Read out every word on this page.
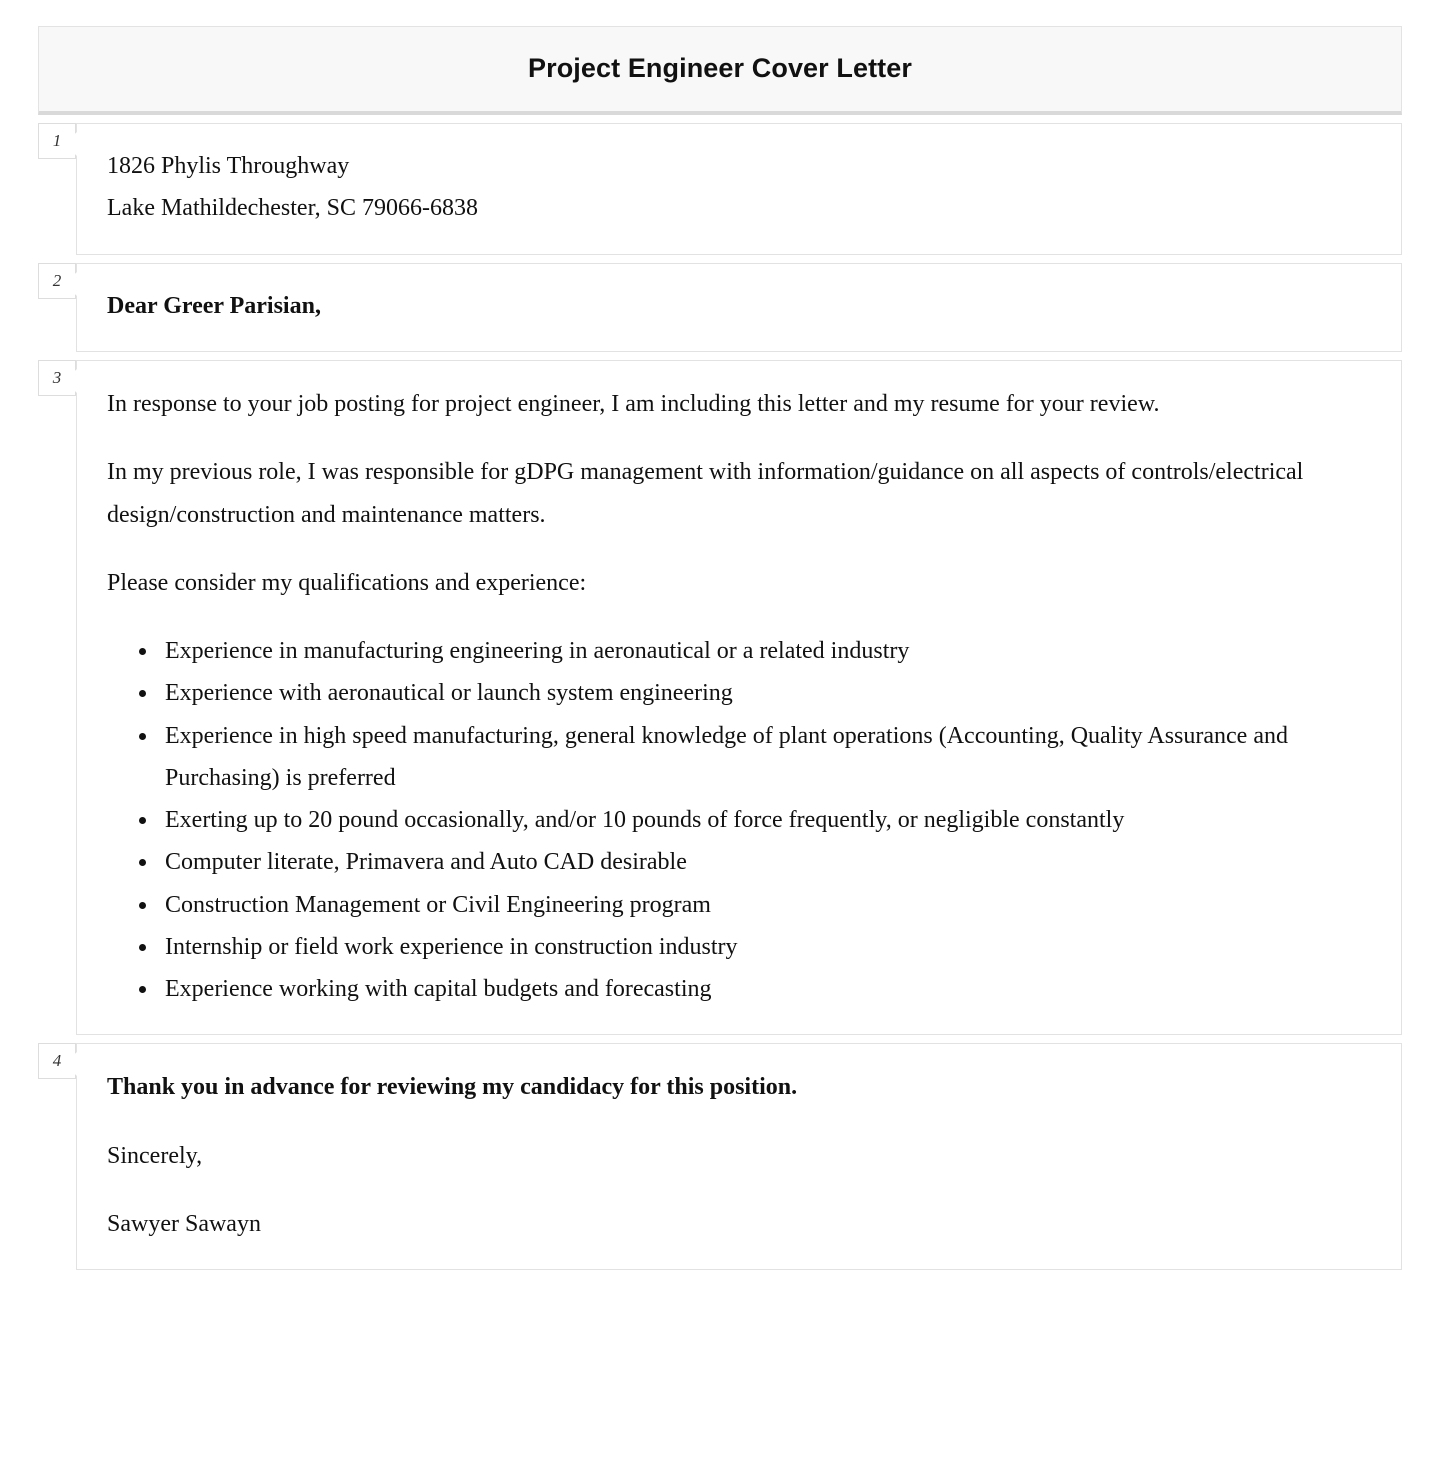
Project Engineer Cover Letter
1
1826 Phylis Throughway
Lake Mathildechester, SC 79066-6838
2
Dear Greer Parisian,
3

In response to your job posting for project engineer, I am including this letter and my resume for your review.

In my previous role, I was responsible for gDPG management with information/guidance on all aspects of controls/electrical design/construction and maintenance matters.

Please consider my qualifications and experience:

• Experience in manufacturing engineering in aeronautical or a related industry
• Experience with aeronautical or launch system engineering
• Experience in high speed manufacturing, general knowledge of plant operations (Accounting, Quality Assurance and Purchasing) is preferred
• Exerting up to 20 pound occasionally, and/or 10 pounds of force frequently, or negligible constantly
• Computer literate, Primavera and Auto CAD desirable
• Construction Management or Civil Engineering program
• Internship or field work experience in construction industry
• Experience working with capital budgets and forecasting
4

Thank you in advance for reviewing my candidacy for this position.

Sincerely,

Sawyer Sawayn
